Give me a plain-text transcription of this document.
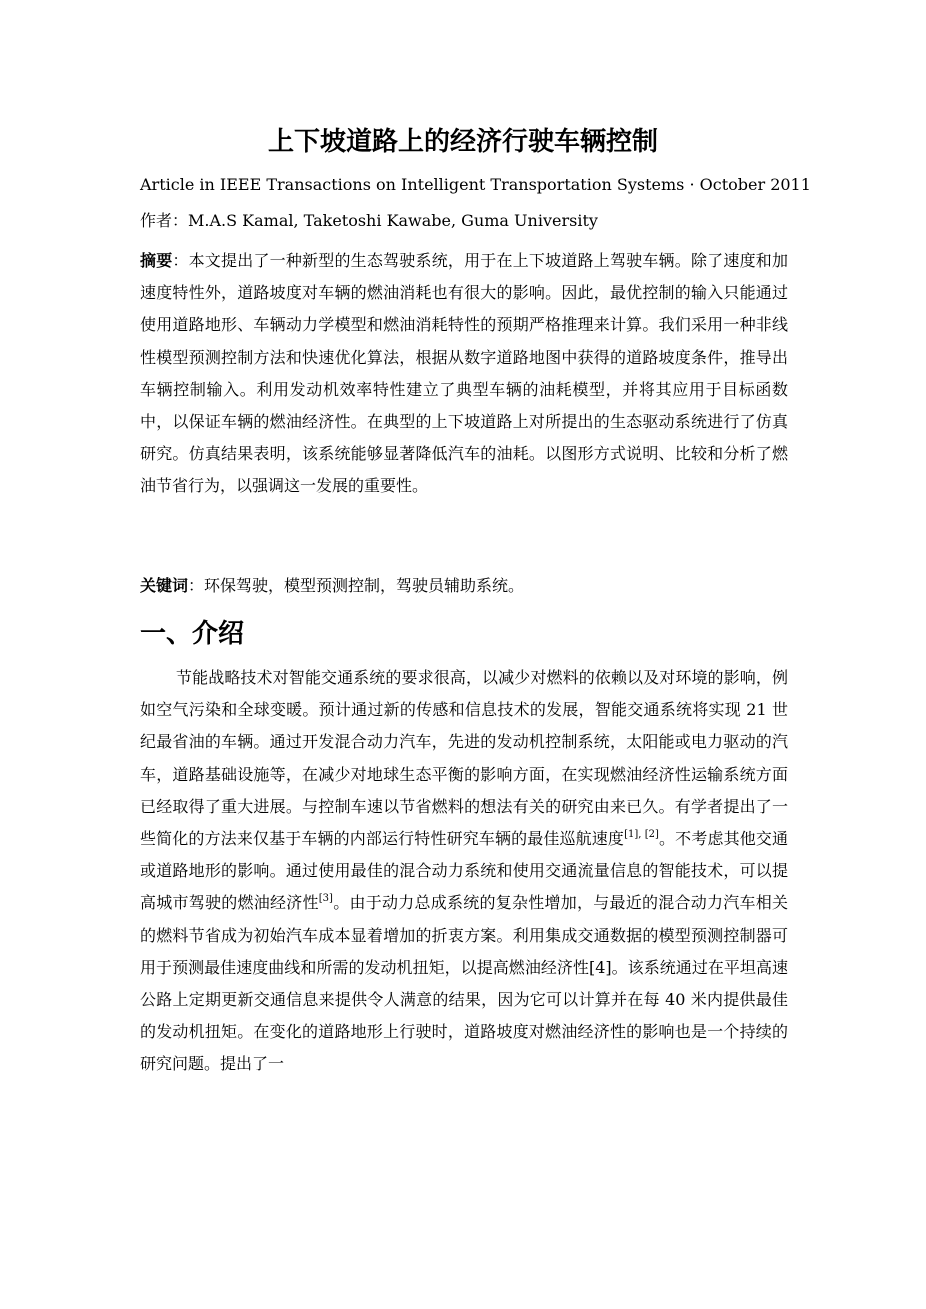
上下坡道路上的经济行驶车辆控制

Article in IEEE Transactions on Intelligent Transportation Systems · October 2011

作者：M.A.S Kamal, Taketoshi Kawabe, Guma University

摘要：本文提出了一种新型的生态驾驶系统，用于在上下坡道路上驾驶车辆。除了速度和加速度特性外，道路坡度对车辆的燃油消耗也有很大的影响。因此，最优控制的输入只能通过使用道路地形、车辆动力学模型和燃油消耗特性的预期严格推理来计算。我们采用一种非线性模型预测控制方法和快速优化算法，根据从数字道路地图中获得的道路坡度条件，推导出车辆控制输入。利用发动机效率特性建立了典型车辆的油耗模型，并将其应用于目标函数中，以保证车辆的燃油经济性。在典型的上下坡道路上对所提出的生态驱动系统进行了仿真研究。仿真结果表明，该系统能够显著降低汽车的油耗。以图形方式说明、比较和分析了燃油节省行为，以强调这一发展的重要性。

关键词：环保驾驶，模型预测控制，驾驶员辅助系统。

一、介绍

节能战略技术对智能交通系统的要求很高，以减少对燃料的依赖以及对环境的影响，例如空气污染和全球变暖。预计通过新的传感和信息技术的发展，智能交通系统将实现 21 世纪最省油的车辆。通过开发混合动力汽车，先进的发动机控制系统，太阳能或电力驱动的汽车，道路基础设施等，在减少对地球生态平衡的影响方面，在实现燃油经济性运输系统方面已经取得了重大进展。与控制车速以节省燃料的想法有关的研究由来已久。有学者提出了一些简化的方法来仅基于车辆的内部运行特性研究车辆的最佳巡航速度[1], [2]。不考虑其他交通或道路地形的影响。通过使用最佳的混合动力系统和使用交通流量信息的智能技术，可以提高城市驾驶的燃油经济性[3]。由于动力总成系统的复杂性增加，与最近的混合动力汽车相关的燃料节省成为初始汽车成本显着增加的折衷方案。利用集成交通数据的模型预测控制器可用于预测最佳速度曲线和所需的发动机扭矩，以提高燃油经济性[4]。该系统通过在平坦高速公路上定期更新交通信息来提供令人满意的结果，因为它可以计算并在每 40 米内提供最佳的发动机扭矩。在变化的道路地形上行驶时，道路坡度对燃油经济性的影响也是一个持续的研究问题。提出了一
